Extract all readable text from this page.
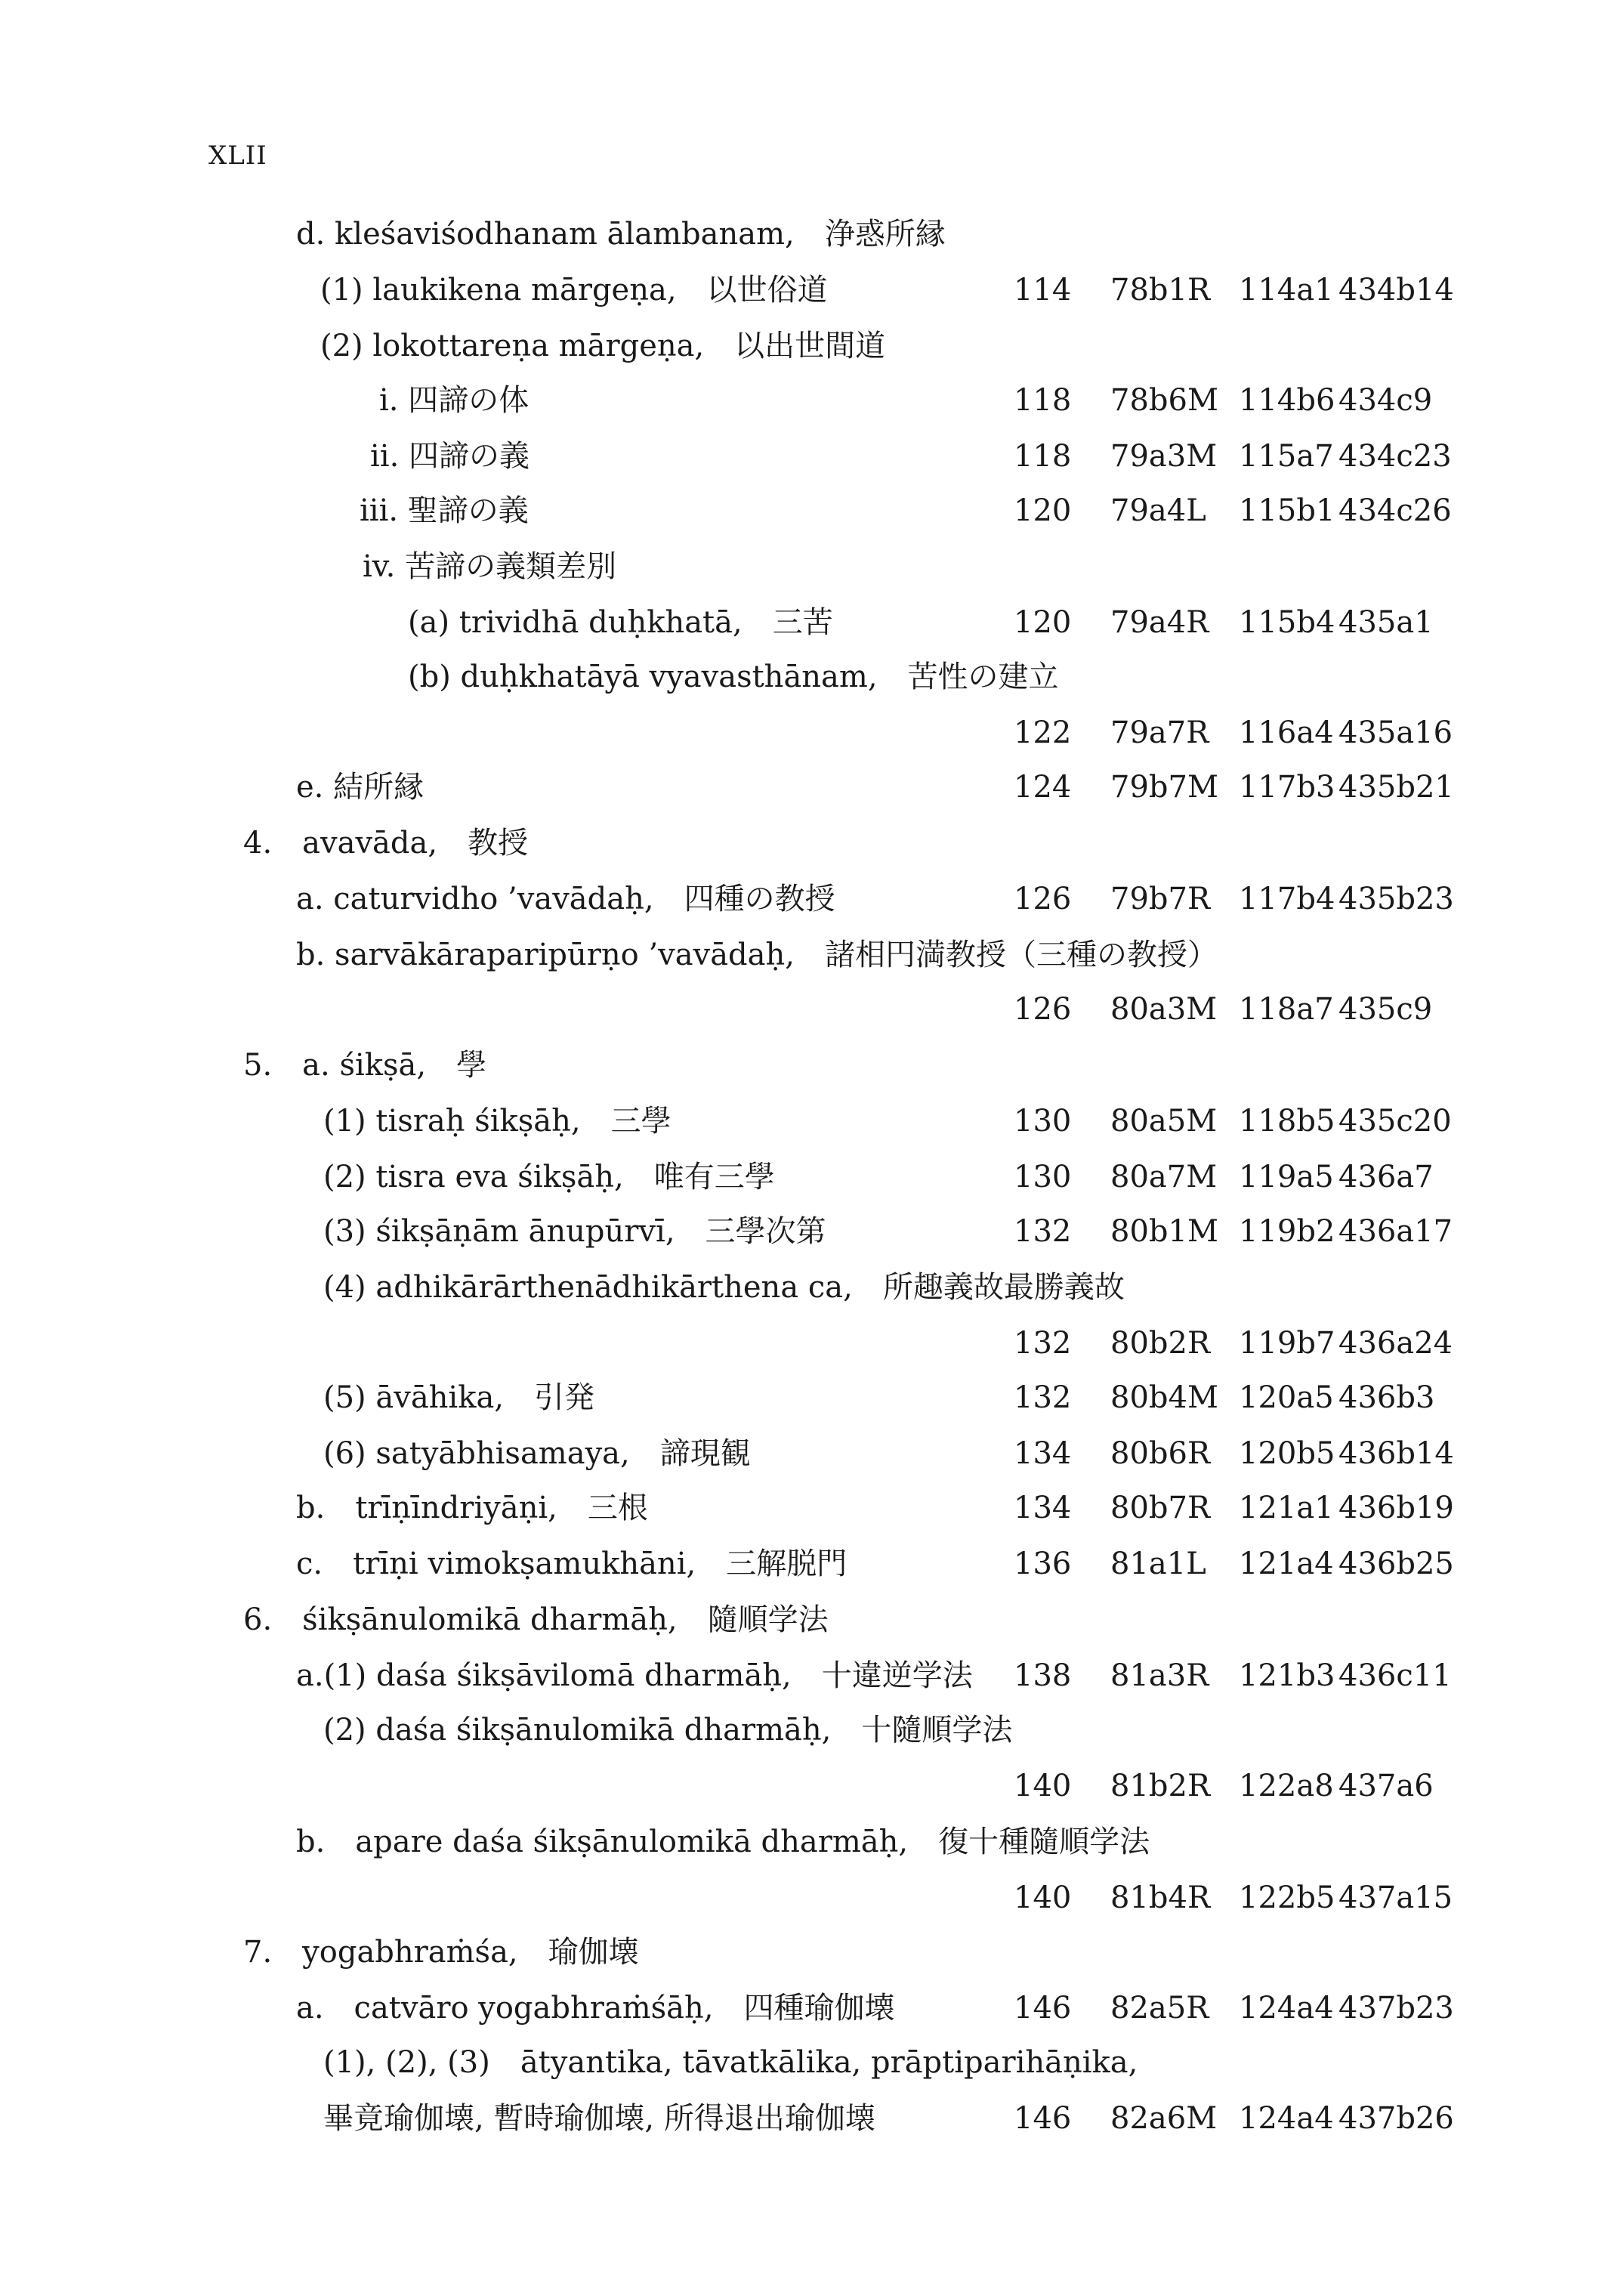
XLII
d. kleśaviśodhanam ālambanam,　浄惑所縁
(1) laukikena mārgeṇa,　以世俗道	114 78b1R 114a1 434b14
(2) lokottareṇa mārgeṇa,　以出世間道
i. 四諦の体	118 78b6M 114b6 434c9
ii. 四諦の義	118 79a3M 115a7 434c23
iii. 聖諦の義	120 79a4L 115b1 434c26
iv. 苦諦の義類差別
(a) trividhā duḥkhatā,　三苦	120 79a4R 115b4 435a1
(b) duḥkhatāyā vyavasthānam,　苦性の建立
122 79a7R 116a4 435a16
e. 結所縁	124 79b7M 117b3 435b21
4.　avavāda,　教授
a. caturvidho ’vavādaḥ,　四種の教授	126 79b7R 117b4 435b23
b. sarvākāraparipūrṇo ’vavādaḥ,　諸相円満教授（三種の教授）
126 80a3M 118a7 435c9
5.　a. śikṣā,　學
(1) tisraḥ śikṣāḥ,　三學	130 80a5M 118b5 435c20
(2) tisra eva śikṣāḥ,　唯有三學	130 80a7M 119a5 436a7
(3) śikṣāṇām ānupūrvī,　三學次第	132 80b1M 119b2 436a17
(4) adhikārārthenādhikārthena ca,　所趣義故最勝義故
132 80b2R 119b7 436a24
(5) āvāhika,　引発	132 80b4M 120a5 436b3
(6) satyābhisamaya,　諦現観	134 80b6R 120b5 436b14
b.　trīṇīndriyāṇi,　三根	134 80b7R 121a1 436b19
c.　trīṇi vimokṣamukhāni,　三解脱門	136 81a1L 121a4 436b25
6.　śikṣānulomikā dharmāḥ,　隨順学法
a.(1) daśa śikṣāvilomā dharmāḥ,　十違逆学法 138 81a3R 121b3 436c11
(2) daśa śikṣānulomikā dharmāḥ,　十隨順学法
140 81b2R 122a8 437a6
b.　apare daśa śikṣānulomikā dharmāḥ,　復十種隨順学法
140 81b4R 122b5 437a15
7.　yogabhraṁśa,　瑜伽壊
a.　catvāro yogabhraṁśāḥ,　四種瑜伽壊	146 82a5R 124a4 437b23
(1), (2), (3)　ātyantika, tāvatkālika, prāptiparihāṇika,
畢竟瑜伽壊, 暫時瑜伽壊, 所得退出瑜伽壊	146 82a6M 124a4 437b26
